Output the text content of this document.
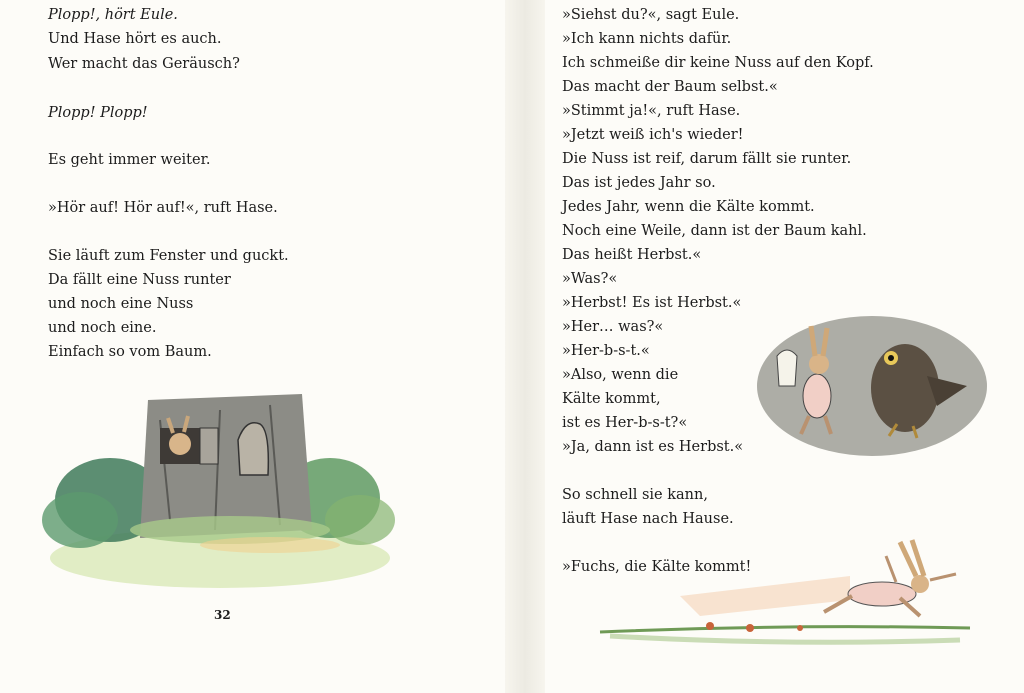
Plopp!, hört Eule.
Und Hase hört es auch.
Wer macht das Geräusch?
Plopp! Plopp!
Es geht immer weiter.
»Hör auf! Hör auf!«, ruft Hase.
Sie läuft zum Fenster und guckt.
Da fällt eine Nuss runter
und noch eine Nuss
und noch eine.
Einfach so vom Baum.
32
»Siehst du?«, sagt Eule.
»Ich kann nichts dafür.
Ich schmeiße dir keine Nuss auf den Kopf.
Das macht der Baum selbst.«
»Stimmt ja!«, ruft Hase.
»Jetzt weiß ich's wieder!
Die Nuss ist reif, darum fällt sie runter.
Das ist jedes Jahr so.
Jedes Jahr, wenn die Kälte kommt.
Noch eine Weile, dann ist der Baum kahl.
Das heißt Herbst.«
»Was?«
»Herbst! Es ist Herbst.«
»Her… was?«
»Her-b-s-t.«
»Also, wenn die
Kälte kommt,
ist es Her-b-s-t?«
»Ja, dann ist es Herbst.«
So schnell sie kann,
läuft Hase nach Hause.
»Fuchs, die Kälte kommt!
